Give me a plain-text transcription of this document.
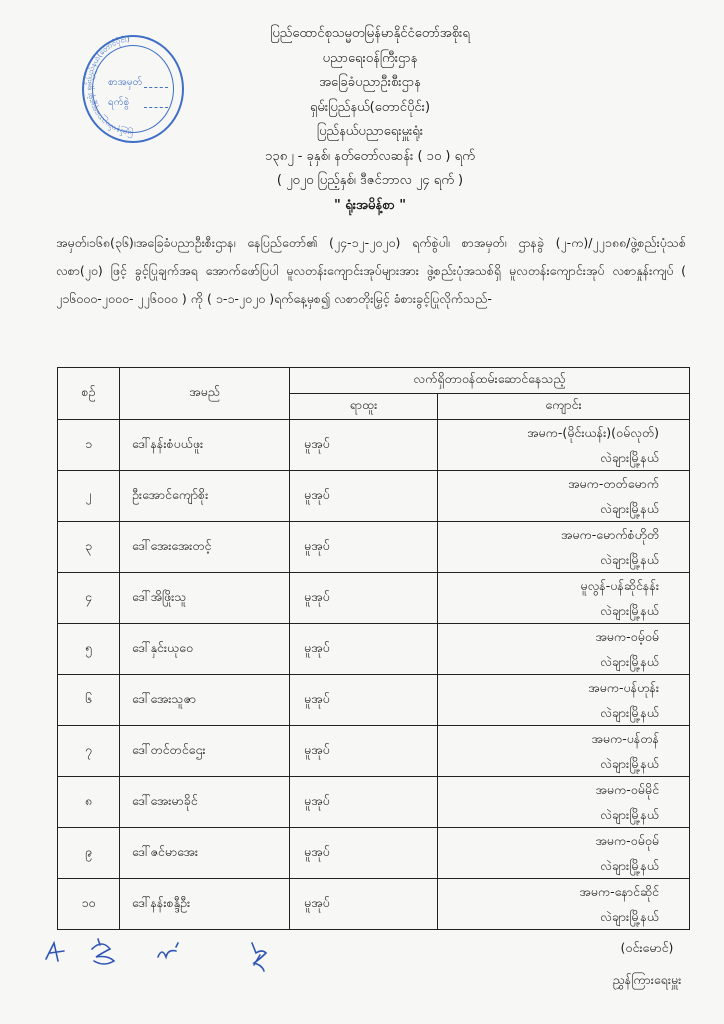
ပြည်ထောင်စုသမ္မတမြန်မာနိုင်ငံတော်အစိုးရ
ပညာရေးဝန်ကြီးဌာန
အခြေခံပညာဦးစီးဌာန
ရှမ်းပြည်နယ်(တောင်ပိုင်း)
ပြည်နယ်ပညာရေးမှူးရုံး
၁၃၈၂ - ခုနှစ်၊ နတ်တော်လဆန်း ( ၁၀ ) ရက်
( ၂၀၂၀ ပြည့်နှစ်၊ ဒီဇင်ဘာလ ၂၄ ရက် )
" ရုံးအမိန့်စာ "
ပြည်နယ်ပညာရေးမှူးရုံး ရှမ်းပြည်နယ်(တောင်ပိုင်း)
စာအမှတ်
ရက်စွဲ
အမှတ်၊၁၆၈(၃၆)၊အခြေခံပညာဦးစီးဌာန၊ နေပြည်တော်၏ (၂၄-၁၂-၂၀၂၀) ရက်စွဲပါ၊ စာအမှတ်၊ ဌာနခွဲ (၂-က)/၂၂၁၈၈/ဖွဲ့စည်းပုံသစ်လစာ(၂၀) ဖြင့် ခွင့်ပြုချက်အရ အောက်ဖော်ပြပါ မူလတန်းကျောင်းအုပ်များအား ဖွဲ့စည်းပုံအသစ်ရှိ မူလတန်းကျောင်းအုပ် လစာနှုန်းကျပ် ( ၂၁၆၀၀၀-၂၀၀၀- ၂၂၆၀၀၀ ) ကို ( ၁-၁-၂၀၂၀ )ရက်နေ့မှစ၍ လစာတိုးမြှင့် ခံစားခွင့်ပြုလိုက်သည်-
စဉ်	အမည်	လက်ရှိတာဝန်ထမ်းဆောင်နေသည့်	
		ရာထူး	ကျောင်း
၁	ဒေါ်နန်းစံပယ်ဖူး	မူအုပ်	အမက-(မိုင်းယန်း)(ဝမ်လုတ်)
လဲချားမြို့နယ်

၂	ဦးအောင်ကျော်စိုး	မူအုပ်	အမက-တတ်မောက်
လဲချားမြို့နယ်

၃	ဒေါ်အေးအေးတင့်	မူအုပ်	အမက-မောက်စံဟိုတိ
လဲချားမြို့နယ်

၄	ဒေါ်အိဖြိုးသူ	မူအုပ်	မူလွန်-ပန်ဆိုင်နန်း
လဲချားမြို့နယ်

၅	ဒေါ်နှင်းယုဝေ	မူအုပ်	အမက-ဝမ့်ဝမ်
လဲချားမြို့နယ်

၆	ဒေါ်အေးသူဇာ	မူအုပ်	အမက-ပန်ဟုန်း
လဲချားမြို့နယ်

၇	ဒေါ်တင်တင်ဌေး	မူအုပ်	အမက-ပန်တန်
လဲချားမြို့နယ်

၈	ဒေါ်အေးမာခိုင်	မူအုပ်	အမက-ဝမ်မိုင်
လဲချားမြို့နယ်

၉	ဒေါ်ဇင်မာအေး	မူအုပ်	အမက-ဝမ်ဝုမ်
လဲချားမြို့နယ်

၁၀	ဒေါ်နန်းစန္ဒီဦး	မူအုပ်	အမက-နောင်ဆိုင်
လဲချားမြို့နယ်
(ဝင်းမောင်)
ညွှန်ကြားရေးမှူး
